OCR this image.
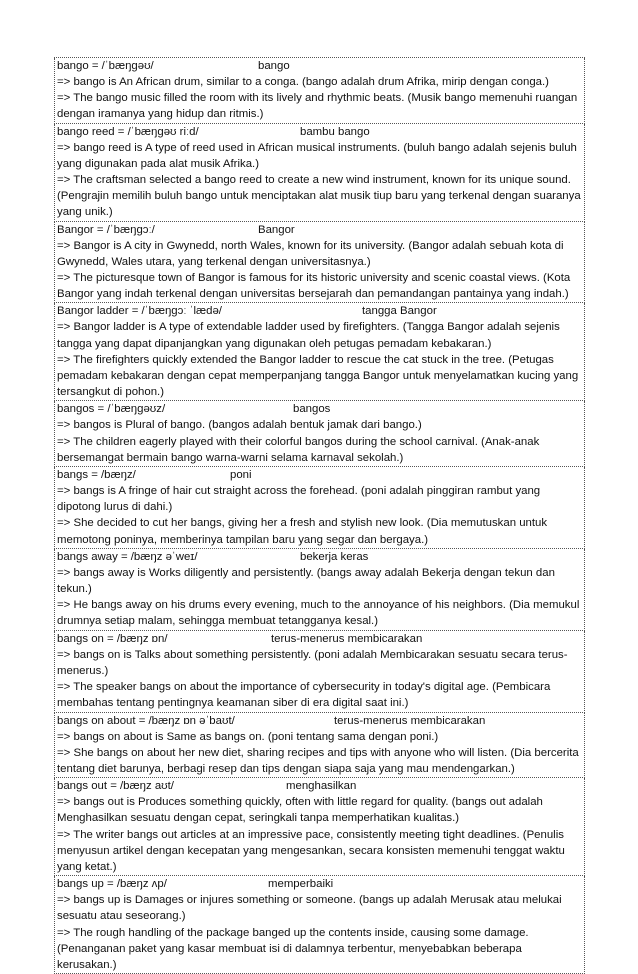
bango = /ˈbæŋgəʊ/	bango
=> bango is An African drum, similar to a conga. (bango adalah drum Afrika, mirip dengan conga.)
=> The bango music filled the room with its lively and rhythmic beats. (Musik bango memenuhi ruangan dengan iramanya yang hidup dan ritmis.)
bango reed = /ˈbæŋgəʊ riːd/	bambu bango
=> bango reed is A type of reed used in African musical instruments. (buluh bango adalah sejenis buluh yang digunakan pada alat musik Afrika.)
=> The craftsman selected a bango reed to create a new wind instrument, known for its unique sound. (Pengrajin memilih buluh bango untuk menciptakan alat musik tiup baru yang terkenal dengan suaranya yang unik.)
Bangor = /ˈbæŋɡɔː/	Bangor
=> Bangor is A city in Gwynedd, north Wales, known for its university. (Bangor adalah sebuah kota di Gwynedd, Wales utara, yang terkenal dengan universitasnya.)
=> The picturesque town of Bangor is famous for its historic university and scenic coastal views. (Kota Bangor yang indah terkenal dengan universitas bersejarah dan pemandangan pantainya yang indah.)
Bangor ladder = /ˈbæŋɡɔː ˈlædə/	tangga Bangor
=> Bangor ladder is A type of extendable ladder used by firefighters. (Tangga Bangor adalah sejenis tangga yang dapat dipanjangkan yang digunakan oleh petugas pemadam kebakaran.)
=> The firefighters quickly extended the Bangor ladder to rescue the cat stuck in the tree. (Petugas pemadam kebakaran dengan cepat memperpanjang tangga Bangor untuk menyelamatkan kucing yang tersangkut di pohon.)
bangos = /ˈbæŋgəʊz/	bangos
=> bangos is Plural of bango. (bangos adalah bentuk jamak dari bango.)
=> The children eagerly played with their colorful bangos during the school carnival. (Anak-anak bersemangat bermain bango warna-warni selama karnaval sekolah.)
bangs = /bæŋz/	poni
=> bangs is A fringe of hair cut straight across the forehead. (poni adalah pinggiran rambut yang dipotong lurus di dahi.)
=> She decided to cut her bangs, giving her a fresh and stylish new look. (Dia memutuskan untuk memotong poninya, memberinya tampilan baru yang segar dan bergaya.)
bangs away = /bæŋz əˈweɪ/	bekerja keras
=> bangs away is Works diligently and persistently. (bangs away adalah Bekerja dengan tekun dan tekun.)
=> He bangs away on his drums every evening, much to the annoyance of his neighbors. (Dia memukul drumnya setiap malam, sehingga membuat tetangganya kesal.)
bangs on = /bæŋz ɒn/	terus-menerus membicarakan
=> bangs on is Talks about something persistently. (poni adalah Membicarakan sesuatu secara terus-menerus.)
=> The speaker bangs on about the importance of cybersecurity in today's digital age. (Pembicara membahas tentang pentingnya keamanan siber di era digital saat ini.)
bangs on about = /bæŋz ɒn əˈbaʊt/	terus-menerus membicarakan
=> bangs on about is Same as bangs on. (poni tentang sama dengan poni.)
=> She bangs on about her new diet, sharing recipes and tips with anyone who will listen. (Dia bercerita tentang diet barunya, berbagi resep dan tips dengan siapa saja yang mau mendengarkan.)
bangs out = /bæŋz aʊt/	menghasilkan
=> bangs out is Produces something quickly, often with little regard for quality. (bangs out adalah Menghasilkan sesuatu dengan cepat, seringkali tanpa memperhatikan kualitas.)
=> The writer bangs out articles at an impressive pace, consistently meeting tight deadlines. (Penulis menyusun artikel dengan kecepatan yang mengesankan, secara konsisten memenuhi tenggat waktu yang ketat.)
bangs up = /bæŋz ʌp/	memperbaiki
=> bangs up is Damages or injures something or someone. (bangs up adalah Merusak atau melukai sesuatu atau seseorang.)
=> The rough handling of the package banged up the contents inside, causing some damage. (Penanganan paket yang kasar membuat isi di dalamnya terbentur, menyebabkan beberapa kerusakan.)
